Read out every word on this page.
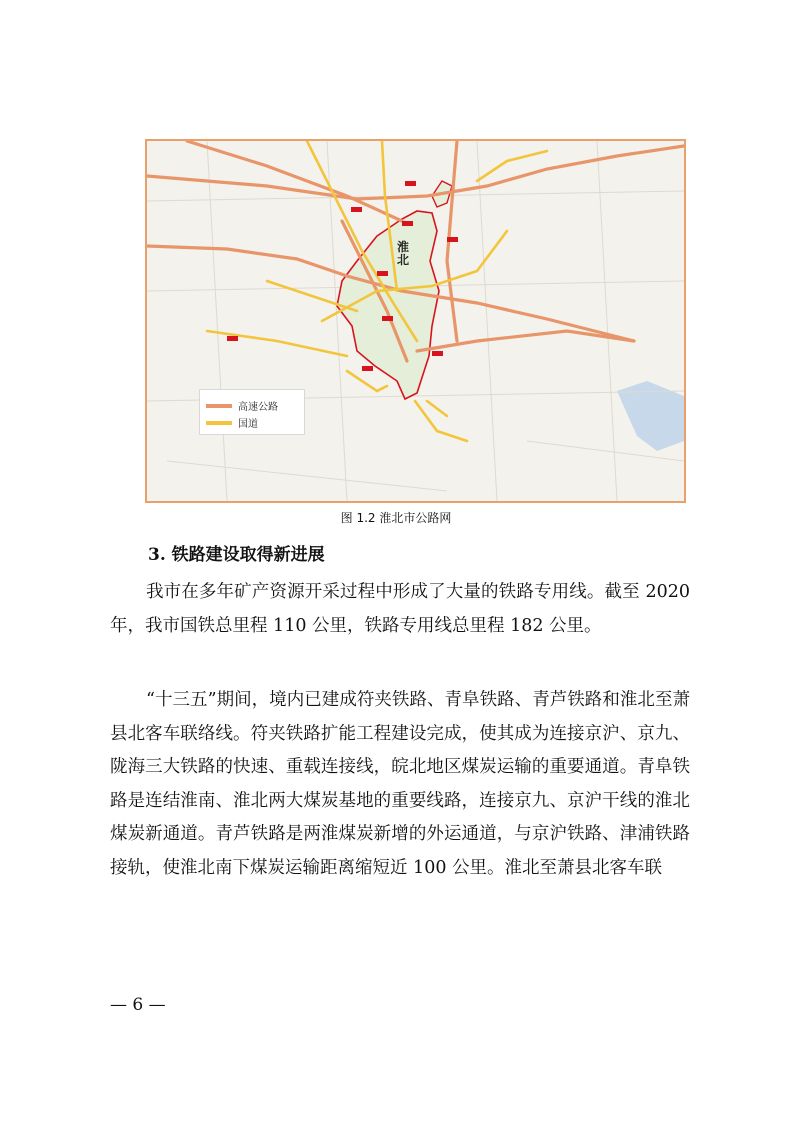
淮北
高速公路
国道
图 1.2 淮北市公路网
3. 铁路建设取得新进展

我市在多年矿产资源开采过程中形成了大量的铁路专用线。截至 2020 年，我市国铁总里程 110 公里，铁路专用线总里程 182 公里。

“十三五”期间，境内已建成符夹铁路、青阜铁路、青芦铁路和淮北至萧县北客车联络线。符夹铁路扩能工程建设完成，使其成为连接京沪、京九、陇海三大铁路的快速、重载连接线，皖北地区煤炭运输的重要通道。青阜铁路是连结淮南、淮北两大煤炭基地的重要线路，连接京九、京沪干线的淮北煤炭新通道。青芦铁路是两淮煤炭新增的外运通道，与京沪铁路、津浦铁路接轨，使淮北南下煤炭运输距离缩短近 100 公里。淮北至萧县北客车联

— 6 —
